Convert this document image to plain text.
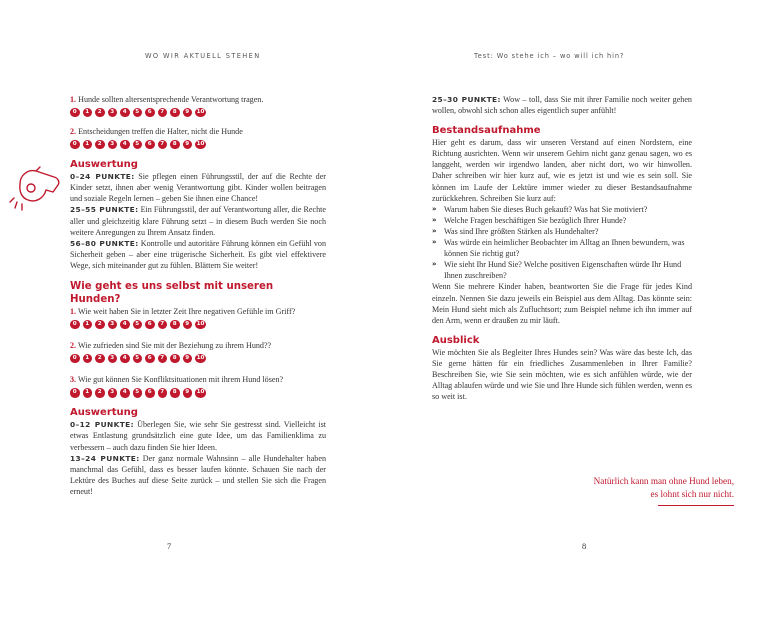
WO WIR AKTUELL STEHEN	Test: Wo stehe ich – wo will ich hin?

1. Hunde sollten altersentsprechende Verantwortung tragen.

0	1	2	3	4	5	6	7	8	9	10

2. Entscheidungen treffen die Halter, nicht die Hunde

0	1	2	3	4	5	6	7	8	9	10
Auswertung

0–24 PUNKTE: Sie pflegen einen Führungsstil, der auf die Rechte der Kinder setzt, ihnen aber wenig Verantwortung gibt. Kinder wollen beitragen und soziale Regeln lernen – geben Sie ihnen eine Chance!

25–55 PUNKTE: Ein Führungsstil, der auf Verantwortung aller, die Rechte aller und gleichzeitig klare Führung setzt – in diesem Buch werden Sie noch weitere Anregungen zu Ihrem Ansatz finden.

56–80 PUNKTE: Kontrolle und autoritäre Führung können ein Gefühl von Sicherheit geben – aber eine trügerische Sicherheit. Es gibt viel effektivere Wege, sich miteinander gut zu fühlen. Blättern Sie weiter!

Wie geht es uns selbst mit unseren Hunden?

1. Wie weit haben Sie in letzter Zeit Ihre negativen Gefühle im Griff?

0	1	2	3	4	5	6	7	8	9	10

2. Wie zufrieden sind Sie mit der Beziehung zu ihrem Hund??

0	1	2	3	4	5	6	7	8	9	10

3. Wie gut können Sie Konfliktsituationen mit ihrem Hund lösen?

0	1	2	3	4	5	6	7	8	9	10
Auswertung

0–12 PUNKTE: Überlegen Sie, wie sehr Sie gestresst sind. Vielleicht ist etwas Entlastung grundsätzlich eine gute Idee, um das Familienklima zu verbessern – auch dazu finden Sie hier Ideen.

13–24 PUNKTE: Der ganz normale Wahnsinn – alle Hundehalter haben manchmal das Gefühl, dass es besser laufen könnte. Schauen Sie nach der Lektüre des Buches auf diese Seite zurück – und stellen Sie sich die Fragen erneut!

25–30 PUNKTE: Wow – toll, dass Sie mit ihrer Familie noch weiter gehen wollen, obwohl sich schon alles eigentlich super anfühlt!

Bestandsaufnahme

Hier geht es darum, dass wir unseren Verstand auf einen Nordstern, eine Richtung ausrichten. Wenn wir unserem Gehirn nicht ganz genau sagen, wo es langgeht, werden wir irgendwo landen, aber nicht dort, wo wir hinwollen. Daher schreiben wir hier kurz auf, wie es jetzt ist und wie es sein soll. Sie können im Laufe der Lektüre immer wieder zu dieser Bestandsaufnahme zurückkehren. Schreiben Sie kurz auf:

» Warum haben Sie dieses Buch gekauft? Was hat Sie motiviert?
» Welche Fragen beschäftigen Sie bezüglich Ihrer Hunde?
» Was sind Ihre größten Stärken als Hundehalter?
» Was würde ein heimlicher Beobachter im Alltag an Ihnen bewundern, was können Sie richtig gut?
» Wie sieht Ihr Hund Sie? Welche positiven Eigenschaften würde Ihr Hund Ihnen zuschreiben?

Wenn Sie mehrere Kinder haben, beantworten Sie die Frage für jedes Kind einzeln. Nennen Sie dazu jeweils ein Beispiel aus dem Alltag. Das könnte sein: Mein Hund sieht mich als Zufluchtsort; zum Beispiel nehme ich ihn immer auf den Arm, wenn er draußen zu mir läuft.

Ausblick

Wie möchten Sie als Begleiter Ihres Hundes sein? Was wäre das beste Ich, das Sie gerne hätten für ein friedliches Zusammenleben in Ihrer Familie? Beschreiben Sie, wie Sie sein möchten, wie es sich anfühlen würde, wie der Alltag ablaufen würde und wie Sie und Ihre Hunde sich fühlen werden, wenn es so weit ist.

Natürlich kann man ohne Hund leben,
es lohnt sich nur nicht.
7	8
